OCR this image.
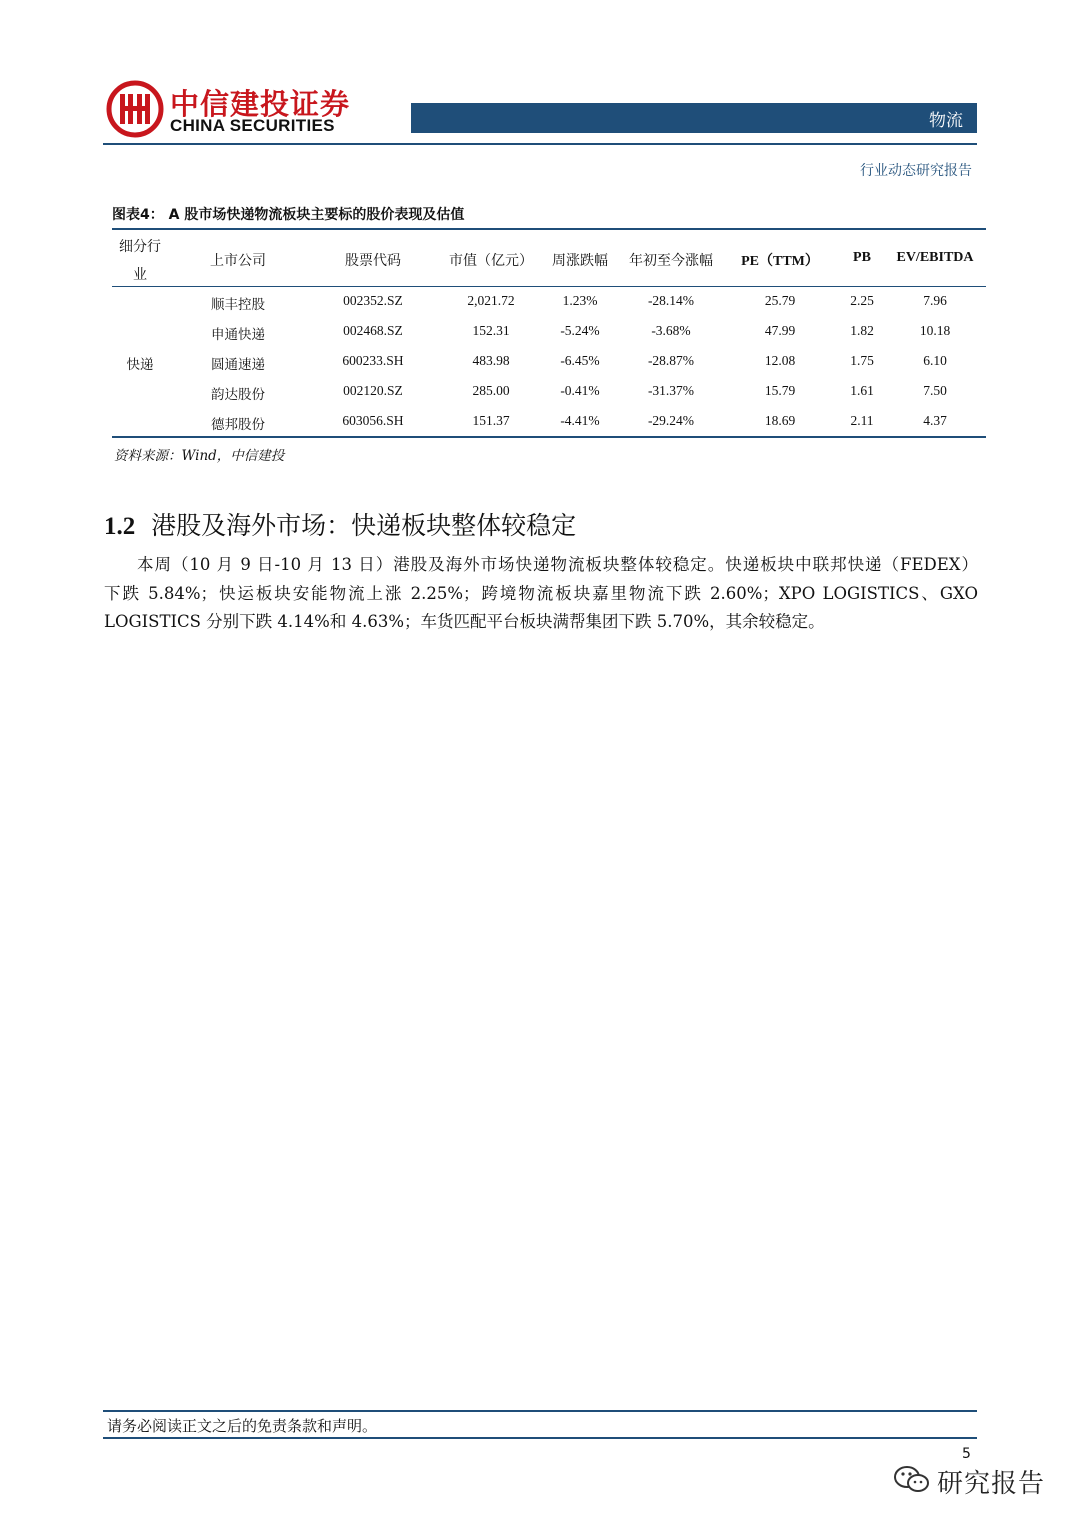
中信建投证券
CHINA SECURITIES	物流
行业动态研究报告
图表4： A 股市场快递物流板块主要标的股价表现及估值
细分行
业
上市公司	股票代码	市值（亿元）	周涨跌幅	年初至今涨幅	PE（TTM）	PB	EV/EBITDA
快递
顺丰控股	002352.SZ	2,021.72	1.23%	-28.14%	25.79	2.25	7.96
申通快递	002468.SZ	152.31	-5.24%	-3.68%	47.99	1.82	10.18
圆通速递	600233.SH	483.98	-6.45%	-28.87%	12.08	1.75	6.10
韵达股份	002120.SZ	285.00	-0.41%	-31.37%	15.79	1.61	7.50
德邦股份	603056.SH	151.37	-4.41%	-29.24%	18.69	2.11	4.37
资料来源：Wind，中信建投
1.2 港股及海外市场：快递板块整体较稳定
本周（10 月 9 日-10 月 13 日）港股及海外市场快递物流板块整体较稳定。快递板块中联邦快递（FEDEX）
下跌 5.84%；快运板块安能物流上涨 2.25%；跨境物流板块嘉里物流下跌 2.60%；XPO LOGISTICS、GXO
LOGISTICS 分别下跌 4.14%和 4.63%；车货匹配平台板块满帮集团下跌 5.70%，其余较稳定。
请务必阅读正文之后的免责条款和声明。
5
研究报告
